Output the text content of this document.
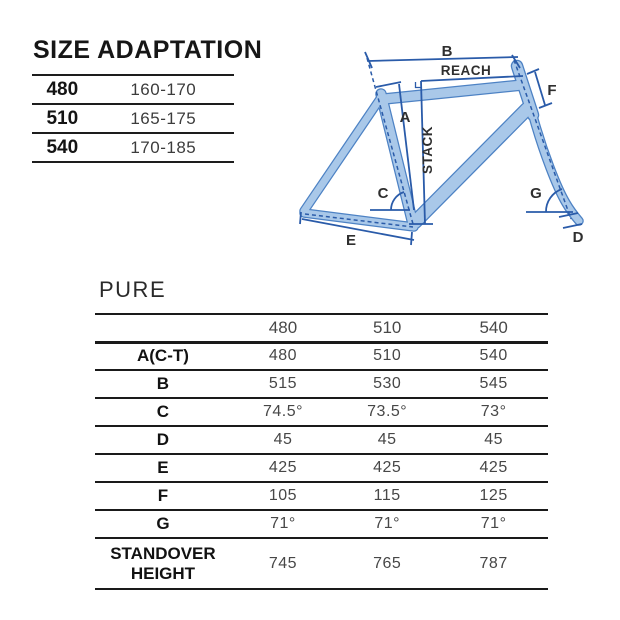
SIZE ADAPTATION
480	160-170
510	165-175
540	170-185
B
REACH
STACK
A
C
E
G
D
F
PURE
	480	510	540
A(C-T)	480	510	540
B	515	530	545
C	74.5°	73.5°	73°
D	45	45	45
E	425	425	425
F	105	115	125
G	71°	71°	71°
STANDOVER HEIGHT	745	765	787
